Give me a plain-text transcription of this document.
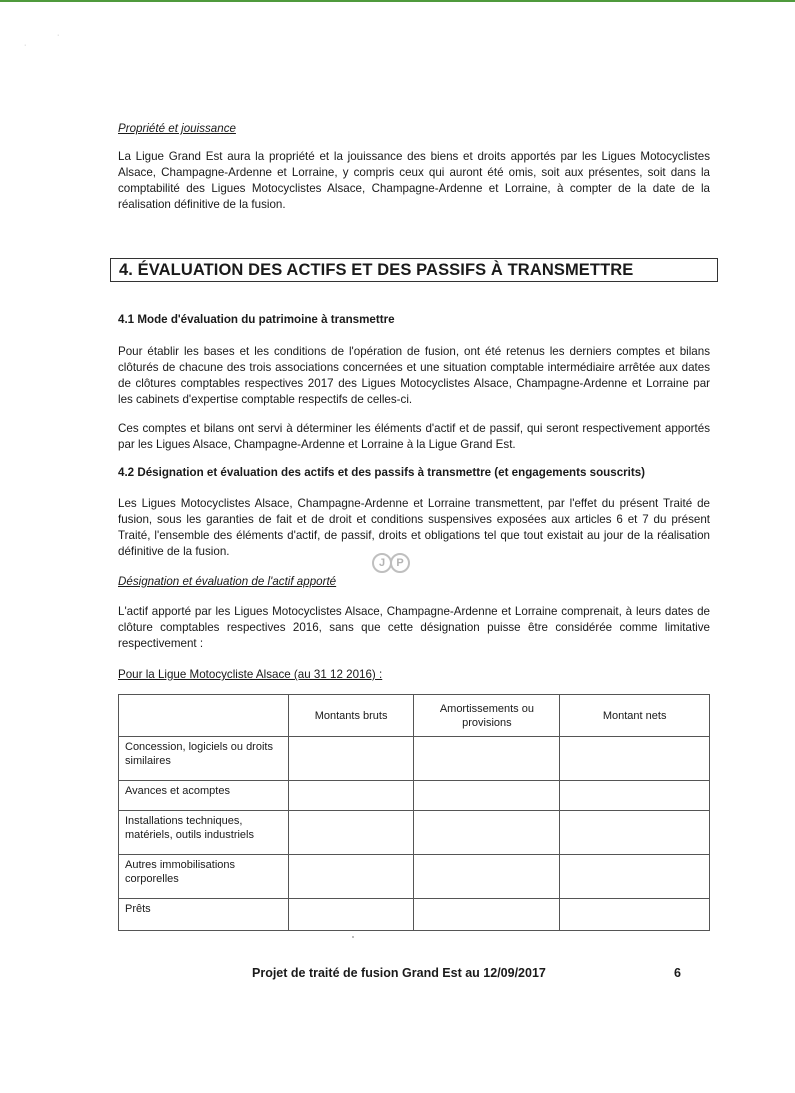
·
·

Propriété et jouissance

La Ligue Grand Est aura la propriété et la jouissance des biens et droits apportés par les Ligues Motocyclistes Alsace, Champagne-Ardenne et Lorraine, y compris ceux qui auront été omis, soit aux présentes, soit dans la comptabilité des Ligues Motocyclistes Alsace, Champagne-Ardenne et Lorraine, à compter de la date de la réalisation définitive de la fusion.

4. ÉVALUATION DES ACTIFS ET DES PASSIFS À TRANSMETTRE

4.1 Mode d'évaluation du patrimoine à transmettre

Pour établir les bases et les conditions de l'opération de fusion, ont été retenus les derniers comptes et bilans clôturés de chacune des trois associations concernées et une situation comptable intermédiaire arrêtée aux dates de clôtures comptables respectives 2017 des Ligues Motocyclistes Alsace, Champagne-Ardenne et Lorraine par les cabinets d'expertise comptable respectifs de celles-ci.

Ces comptes et bilans ont servi à déterminer les éléments d'actif et de passif, qui seront respectivement apportés par les Ligues Alsace, Champagne-Ardenne et Lorraine à la Ligue Grand Est.

4.2 Désignation et évaluation des actifs et des passifs à transmettre (et engagements souscrits)

Les Ligues Motocyclistes Alsace, Champagne-Ardenne et Lorraine transmettent, par l'effet du présent Traité de fusion, sous les garanties de fait et de droit et conditions suspensives exposées aux articles 6 et 7 du présent Traité, l'ensemble des éléments d'actif, de passif, droits et obligations tel que tout existait au jour de la réalisation définitive de la fusion.

J	P

Désignation et évaluation de l'actif apporté

L'actif apporté par les Ligues Motocyclistes Alsace, Champagne-Ardenne et Lorraine comprenait, à leurs dates de clôture comptables respectives 2016, sans que cette désignation puisse être considérée comme limitative respectivement :

Pour la Ligue Motocycliste Alsace (au 31 12 2016) :

	Montants bruts	Amortissements ou provisions	Montant nets
Concession, logiciels ou droits similaires			
Avances et acomptes			
Installations techniques, matériels, outils industriels			
Autres immobilisations corporelles			
Prêts			
Projet de traité de fusion Grand Est au 12/09/2017	6
